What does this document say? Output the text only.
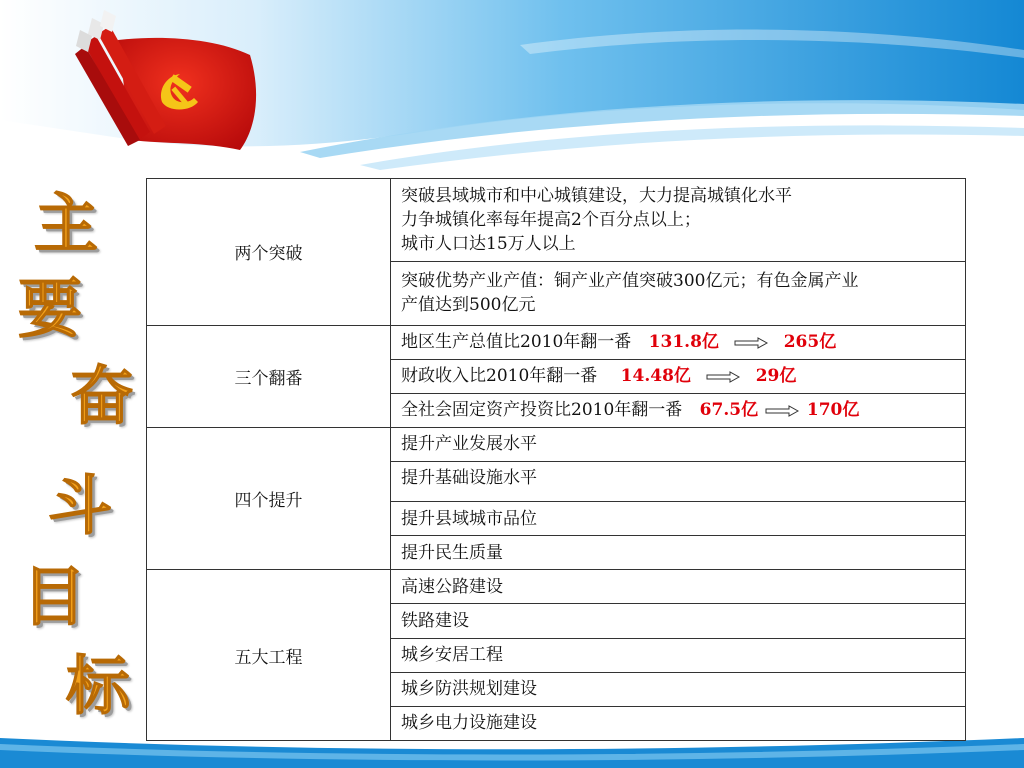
主
要
奋
斗
目
标
两个突破	突破县域城市和中心城镇建设，大力提高城镇化水平
力争城镇化率每年提高2个百分点以上；
城市人口达15万人以上

	突破优势产业产值：铜产业产值突破300亿元；有色金属产业
产值达到500亿元

三个翻番	地区生产总值比2010年翻一番 131.8亿 265亿
	财政收入比2010年翻一番 14.48亿 29亿
	全社会固定资产投资比2010年翻一番 67.5亿 170亿
四个提升	提升产业发展水平
	提升基础设施水平
	提升县域城市品位
	提升民生质量
五大工程	高速公路建设
	铁路建设
	城乡安居工程
	城乡防洪规划建设
	城乡电力设施建设
